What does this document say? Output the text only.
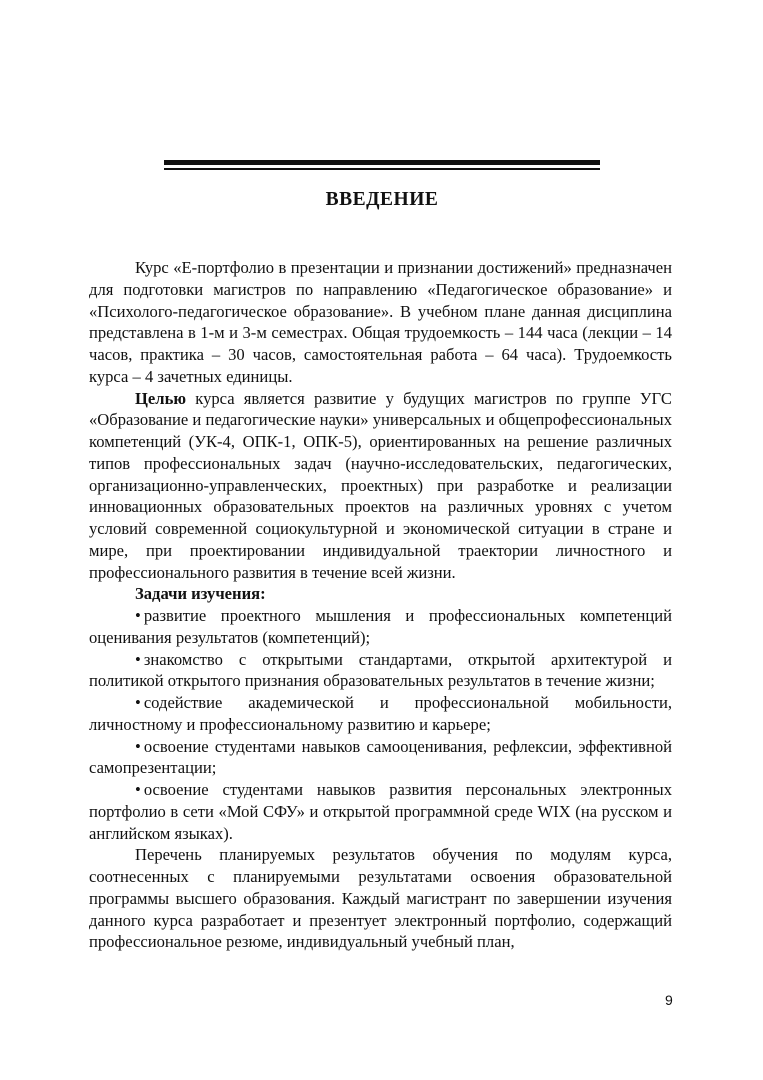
ВВЕДЕНИЕ

Курс «Е-портфолио в презентации и признании достижений» предназначен для подготовки магистров по направлению «Педагогическое образование» и «Психолого-педагогическое образование». В учебном плане данная дисциплина представлена в 1-м и 3-м семестрах. Общая трудоемкость – 144 часа (лекции – 14 часов, практика – 30 часов, самостоятельная работа – 64 часа). Трудоемкость курса – 4 зачетных единицы.

Целью курса является развитие у будущих магистров по группе УГС «Образование и педагогические науки» универсальных и общепрофессиональных компетенций (УК-4, ОПК-1, ОПК-5), ориентированных на решение различных типов профессиональных задач (научно-исследовательских, педагогических, организационно-управленческих, проектных) при разработке и реализации инновационных образовательных проектов на различных уровнях с учетом условий современной социокультурной и экономической ситуации в стране и мире, при проектировании индивидуальной траектории личностного и профессионального развития в течение всей жизни.

Задачи изучения:

• развитие проектного мышления и профессиональных компетенций оценивания результатов (компетенций);

• знакомство с открытыми стандартами, открытой архитектурой и политикой открытого признания образовательных результатов в течение жизни;

• содействие академической и профессиональной мобильности, личностному и профессиональному развитию и карьере;

• освоение студентами навыков самооценивания, рефлексии, эффективной самопрезентации;

• освоение студентами навыков развития персональных электронных портфолио в сети «Мой СФУ» и открытой программной среде WIX (на русском и английском языках).

Перечень планируемых результатов обучения по модулям курса, соотнесенных с планируемыми результатами освоения образовательной программы высшего образования. Каждый магистрант по завершении изучения данного курса разработает и презентует электронный портфолио, содержащий профессиональное резюме, индивидуальный учебный план,

9
